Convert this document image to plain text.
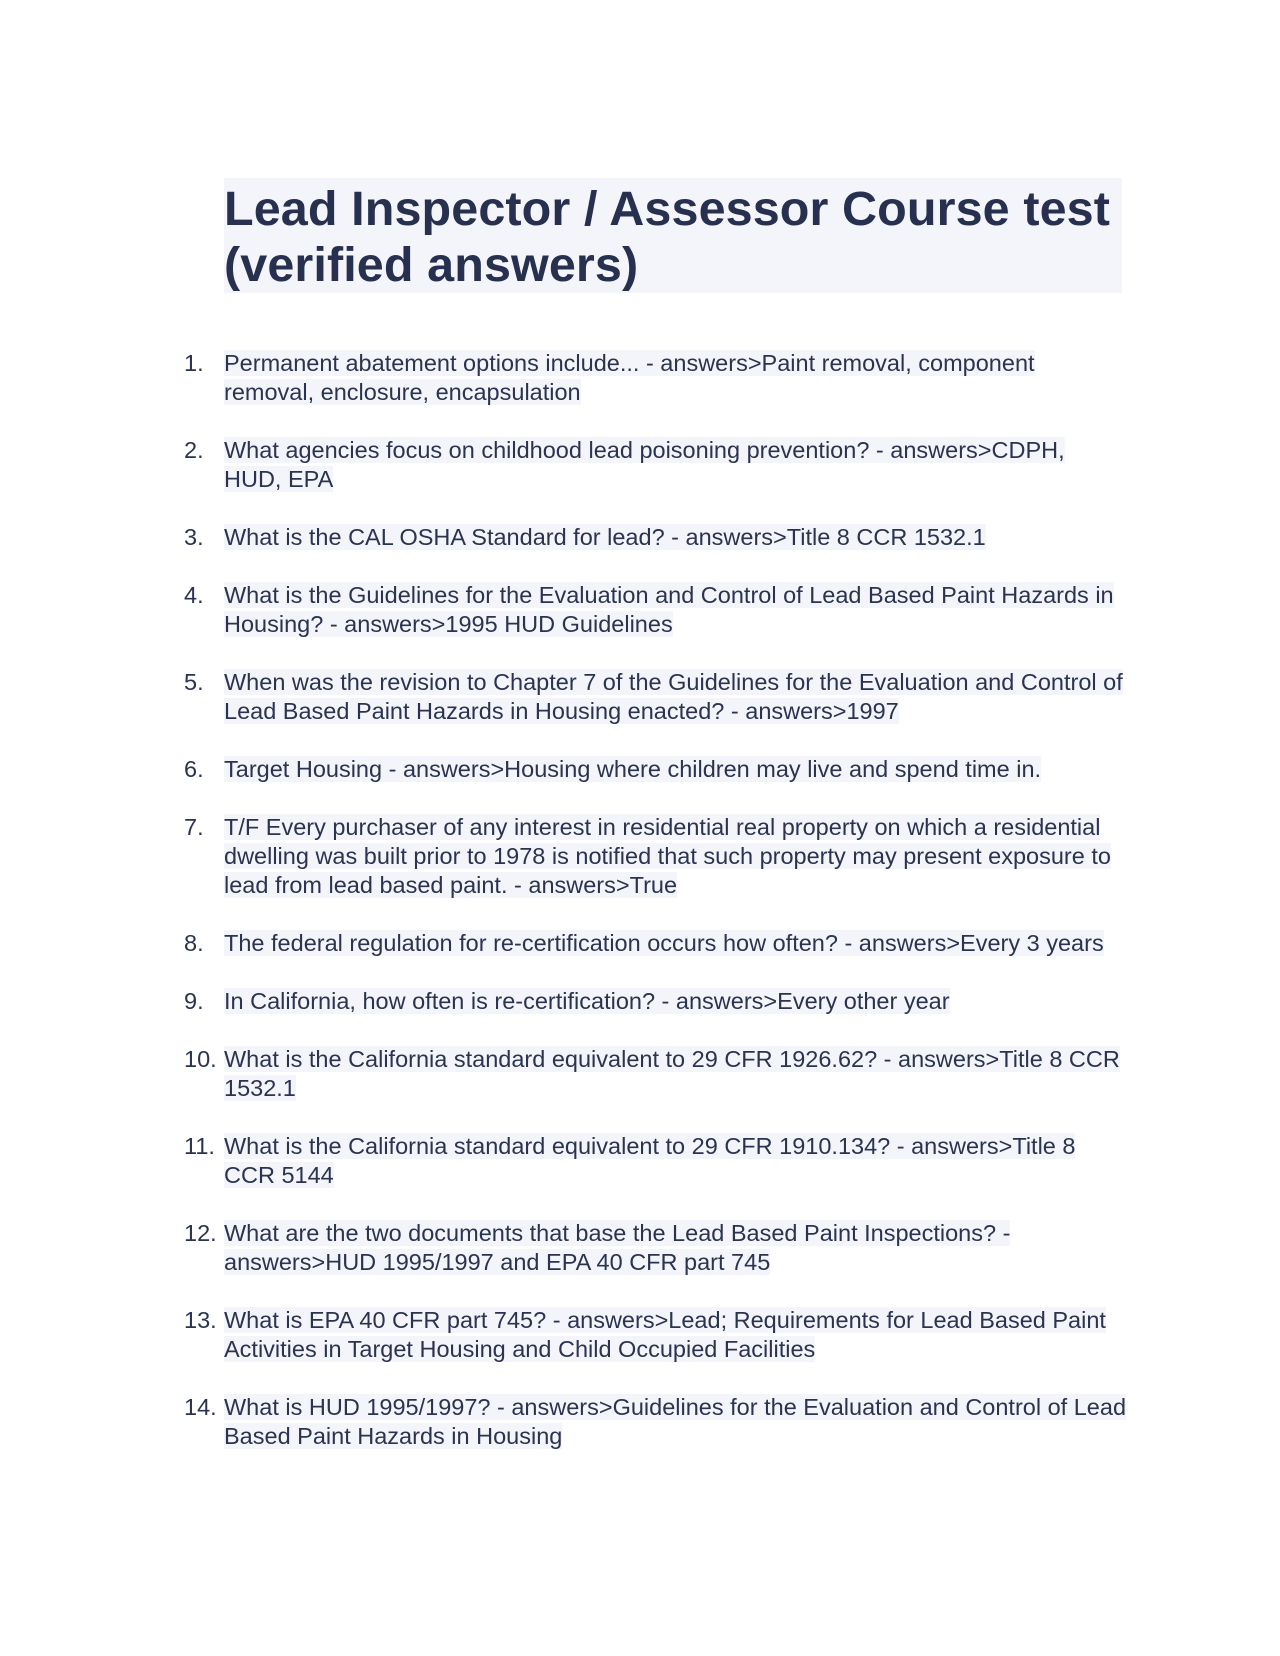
Lead Inspector / Assessor Course test (verified answers)
1. Permanent abatement options include... - answers>Paint removal, component removal, enclosure, encapsulation
2. What agencies focus on childhood lead poisoning prevention? - answers>CDPH, HUD, EPA
3. What is the CAL OSHA Standard for lead? - answers>Title 8 CCR 1532.1
4. What is the Guidelines for the Evaluation and Control of Lead Based Paint Hazards in Housing? - answers>1995 HUD Guidelines
5. When was the revision to Chapter 7 of the Guidelines for the Evaluation and Control of Lead Based Paint Hazards in Housing enacted? - answers>1997
6. Target Housing - answers>Housing where children may live and spend time in.
7. T/F Every purchaser of any interest in residential real property on which a residential dwelling was built prior to 1978 is notified that such property may present exposure to lead from lead based paint. - answers>True
8. The federal regulation for re-certification occurs how often? - answers>Every 3 years
9. In California, how often is re-certification? - answers>Every other year
10. What is the California standard equivalent to 29 CFR 1926.62? - answers>Title 8 CCR 1532.1
11. What is the California standard equivalent to 29 CFR 1910.134? - answers>Title 8 CCR 5144
12. What are the two documents that base the Lead Based Paint Inspections? - answers>HUD 1995/1997 and EPA 40 CFR part 745
13. What is EPA 40 CFR part 745? - answers>Lead; Requirements for Lead Based Paint Activities in Target Housing and Child Occupied Facilities
14. What is HUD 1995/1997? - answers>Guidelines for the Evaluation and Control of Lead Based Paint Hazards in Housing
